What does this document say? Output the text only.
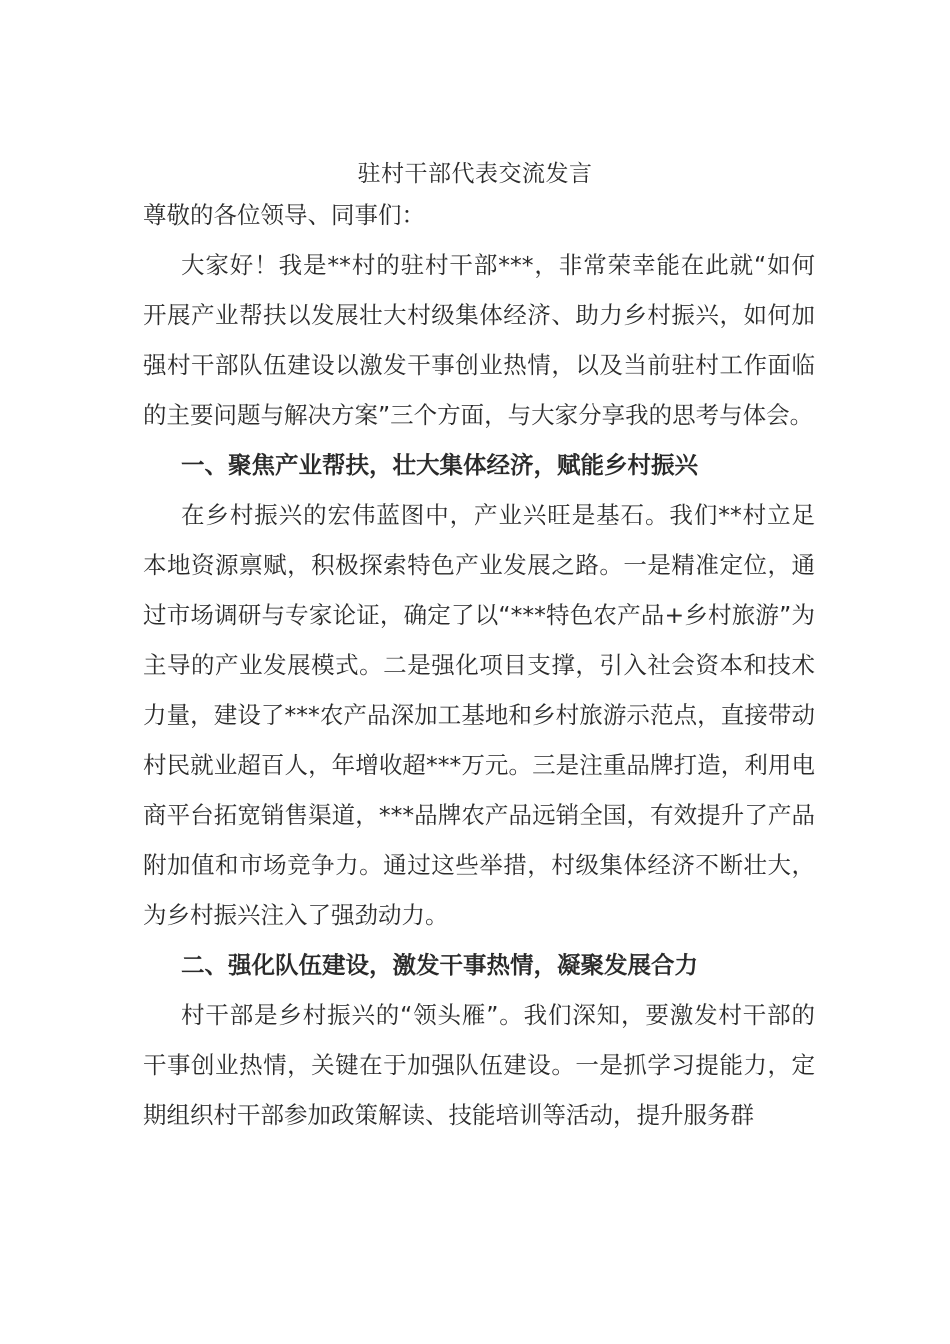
驻村干部代表交流发言

尊敬的各位领导、同事们：

大家好！我是**村的驻村干部***，非常荣幸能在此就“如何开展产业帮扶以发展壮大村级集体经济、助力乡村振兴，如何加强村干部队伍建设以激发干事创业热情，以及当前驻村工作面临的主要问题与解决方案”三个方面，与大家分享我的思考与体会。

一、聚焦产业帮扶，壮大集体经济，赋能乡村振兴

在乡村振兴的宏伟蓝图中，产业兴旺是基石。我们**村立足本地资源禀赋，积极探索特色产业发展之路。一是精准定位，通过市场调研与专家论证，确定了以“***特色农产品+乡村旅游”为主导的产业发展模式。二是强化项目支撑，引入社会资本和技术力量，建设了***农产品深加工基地和乡村旅游示范点，直接带动村民就业超百人，年增收超***万元。三是注重品牌打造，利用电商平台拓宽销售渠道，***品牌农产品远销全国，有效提升了产品附加值和市场竞争力。通过这些举措，村级集体经济不断壮大，为乡村振兴注入了强劲动力。

二、强化队伍建设，激发干事热情，凝聚发展合力

村干部是乡村振兴的“领头雁”。我们深知，要激发村干部的干事创业热情，关键在于加强队伍建设。一是抓学习提能力，定期组织村干部参加政策解读、技能培训等活动，提升服务群
